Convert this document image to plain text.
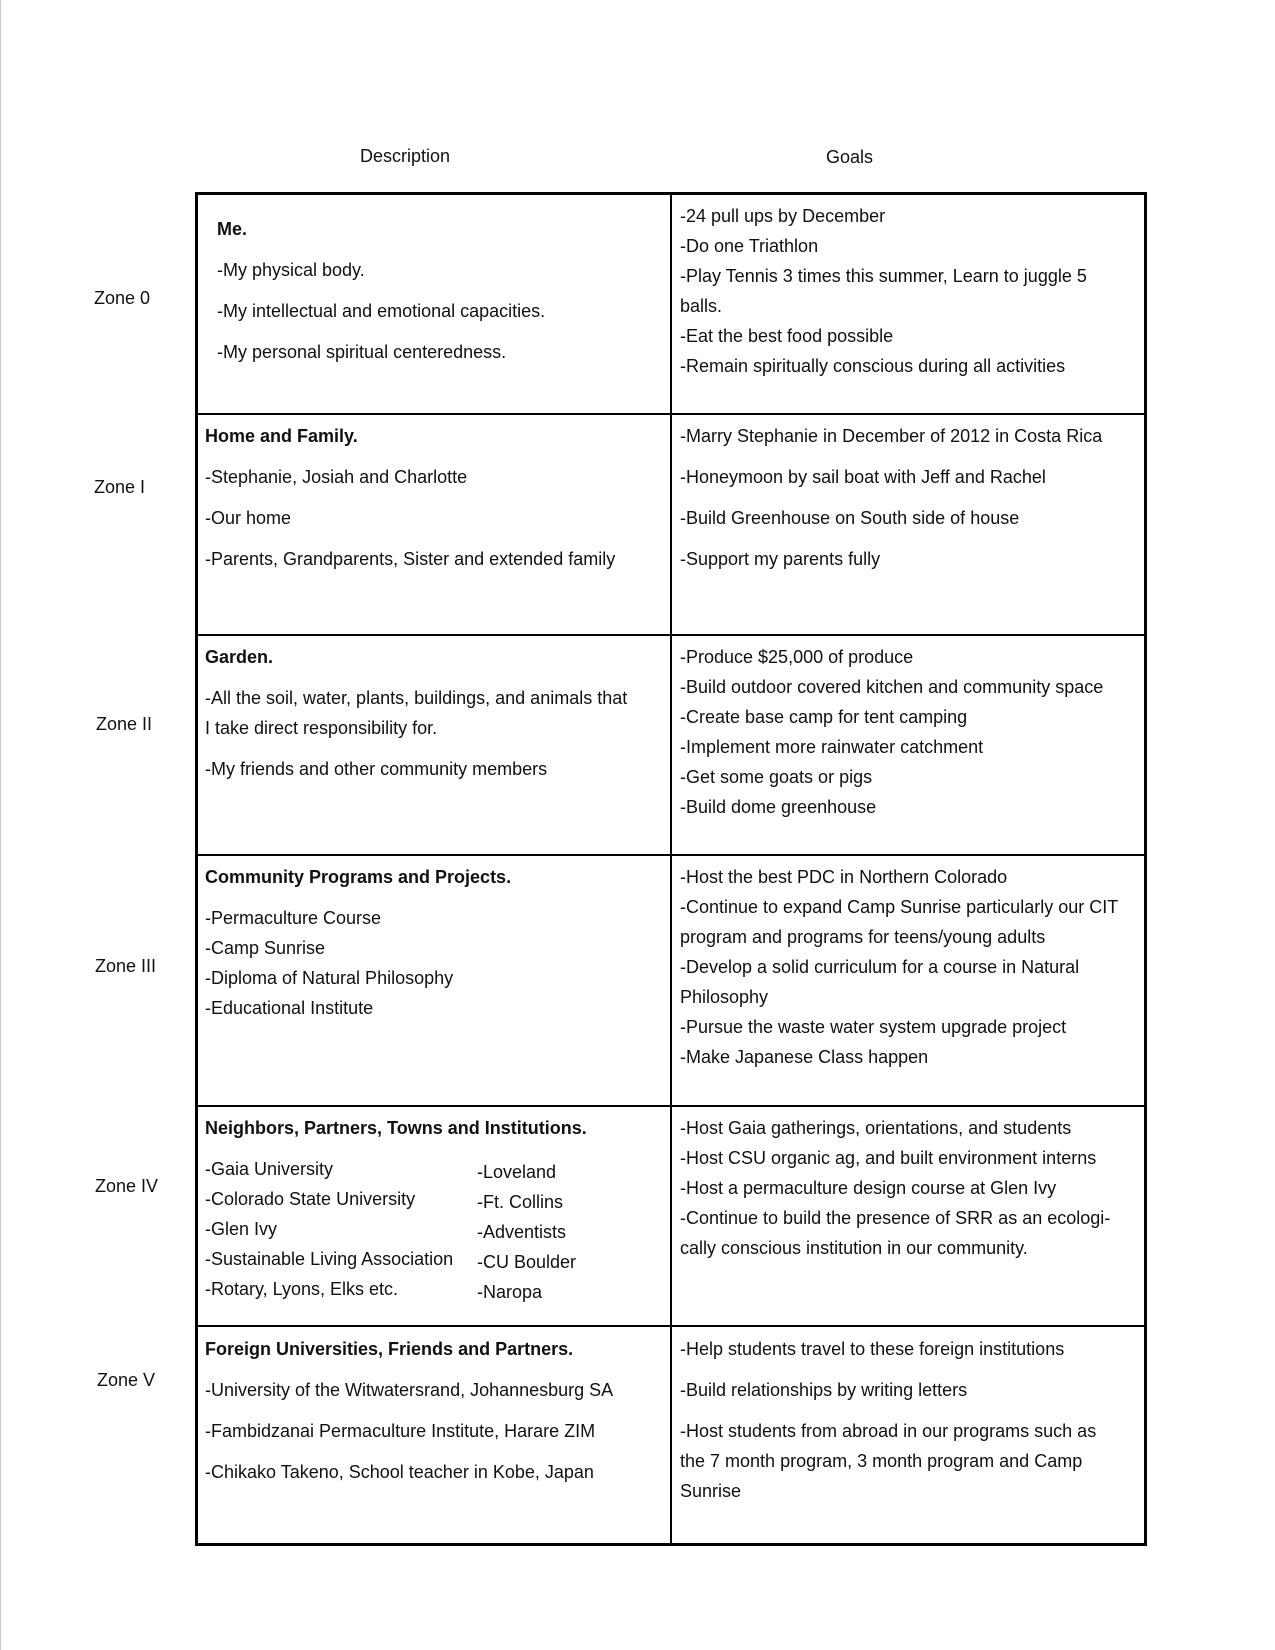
Description	Goals
Zone 0
Zone I
Zone II
Zone III
Zone IV
Zone V
Me.
-My physical body.
-My intellectual and emotional capacities.
-My personal spiritual centeredness.
-24 pull ups by December
-Do one Triathlon
-Play Tennis 3 times this summer, Learn to juggle 5
balls.
-Eat the best food possible
-Remain spiritually conscious during all activities
Home and Family.
-Stephanie, Josiah and Charlotte
-Our home
-Parents, Grandparents, Sister and extended family
-Marry Stephanie in December of 2012 in Costa Rica
-Honeymoon by sail boat with Jeff and Rachel
-Build Greenhouse on South side of house
-Support my parents fully
Garden.
-All the soil, water, plants, buildings, and animals that
I take direct responsibility for.
-My friends and other community members
-Produce $25,000 of produce
-Build outdoor covered kitchen and community space
-Create base camp for tent camping
-Implement more rainwater catchment
-Get some goats or pigs
-Build dome greenhouse
Community Programs and Projects.
-Permaculture Course
-Camp Sunrise
-Diploma of Natural Philosophy
-Educational Institute
-Host the best PDC in Northern Colorado
-Continue to expand Camp Sunrise particularly our CIT
program and programs for teens/young adults
-Develop a solid curriculum for a course in Natural
Philosophy
-Pursue the waste water system upgrade project
-Make Japanese Class happen
Neighbors, Partners, Towns and Institutions.
-Gaia University
-Colorado State University
-Glen Ivy
-Sustainable Living Association
-Rotary, Lyons, Elks etc.
-Loveland
-Ft. Collins
-Adventists
-CU Boulder
-Naropa
-Host Gaia gatherings, orientations, and students
-Host CSU organic ag, and built environment interns
-Host a permaculture design course at Glen Ivy
-Continue to build the presence of SRR as an ecologi-
cally conscious institution in our community.
Foreign Universities, Friends and Partners.
-University of the Witwatersrand, Johannesburg SA
-Fambidzanai Permaculture Institute, Harare ZIM
-Chikako Takeno, School teacher in Kobe, Japan
-Help students travel to these foreign institutions
-Build relationships by writing letters
-Host students from abroad in our programs such as
the 7 month program, 3 month program and Camp
Sunrise
